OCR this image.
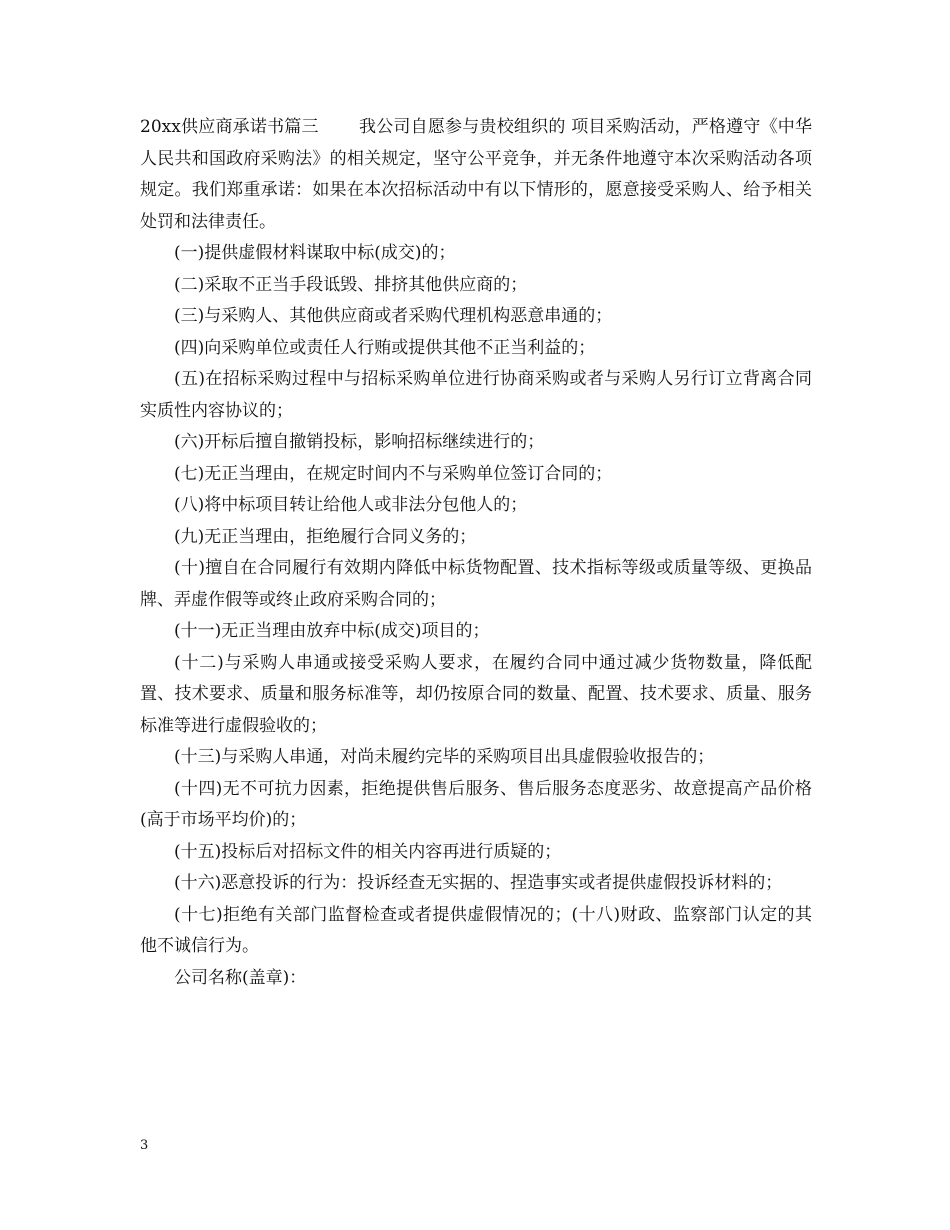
20xx供应商承诺书篇三 我公司自愿参与贵校组织的 项目采购活动，严格遵守《中华人民共和国政府采购法》的相关规定，坚守公平竞争，并无条件地遵守本次采购活动各项规定。我们郑重承诺：如果在本次招标活动中有以下情形的，愿意接受采购人、给予相关处罚和法律责任。

(一)提供虚假材料谋取中标(成交)的；

(二)采取不正当手段诋毁、排挤其他供应商的；

(三)与采购人、其他供应商或者采购代理机构恶意串通的；

(四)向采购单位或责任人行贿或提供其他不正当利益的；

(五)在招标采购过程中与招标采购单位进行协商采购或者与采购人另行订立背离合同实质性内容协议的；

(六)开标后擅自撤销投标，影响招标继续进行的；

(七)无正当理由，在规定时间内不与采购单位签订合同的；

(八)将中标项目转让给他人或非法分包他人的；

(九)无正当理由，拒绝履行合同义务的；

(十)擅自在合同履行有效期内降低中标货物配置、技术指标等级或质量等级、更换品牌、弄虚作假等或终止政府采购合同的；

(十一)无正当理由放弃中标(成交)项目的；

(十二)与采购人串通或接受采购人要求，在履约合同中通过减少货物数量，降低配置、技术要求、质量和服务标准等，却仍按原合同的数量、配置、技术要求、质量、服务标准等进行虚假验收的；

(十三)与采购人串通，对尚未履约完毕的采购项目出具虚假验收报告的；

(十四)无不可抗力因素，拒绝提供售后服务、售后服务态度恶劣、故意提高产品价格(高于市场平均价)的；

(十五)投标后对招标文件的相关内容再进行质疑的；

(十六)恶意投诉的行为：投诉经查无实据的、捏造事实或者提供虚假投诉材料的；

(十七)拒绝有关部门监督检查或者提供虚假情况的；(十八)财政、监察部门认定的其他不诚信行为。

公司名称(盖章)：

3
